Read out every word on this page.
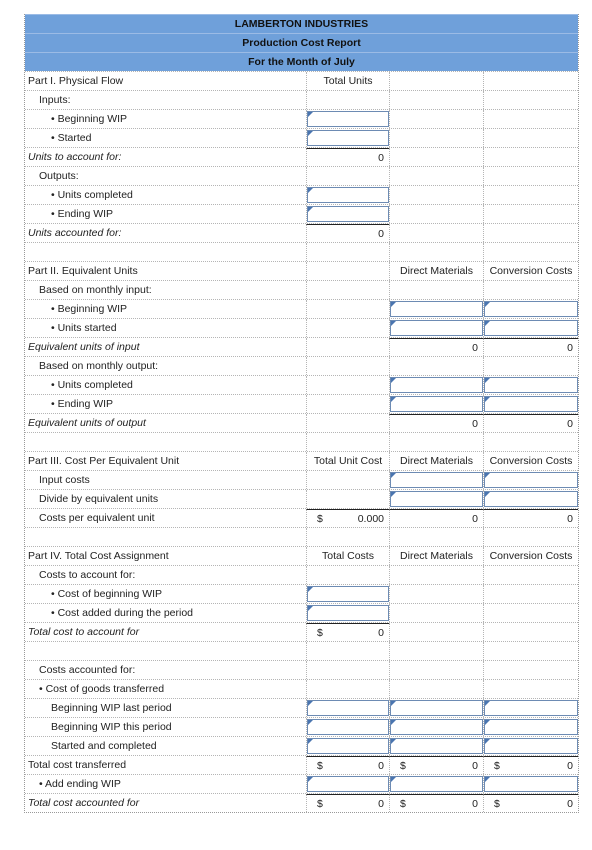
LAMBERTON INDUSTRIES
Production Cost Report
For the Month of July
Part I. Physical Flow	Total Units
Inputs:
• Beginning WIP
• Started
Units to account for:	0
Outputs:
• Units completed
• Ending WIP
Units accounted for:	0
Part II. Equivalent Units	Direct Materials	Conversion Costs
Based on monthly input:
• Beginning WIP
• Units started
Equivalent units of input	0	0
Based on monthly output:
• Units completed
• Ending WIP
Equivalent units of output	0	0
Part III. Cost Per Equivalent Unit	Total Unit Cost	Direct Materials	Conversion Costs
Input costs
Divide by equivalent units
Costs per equivalent unit	$	0.000	0	0
Part IV. Total Cost Assignment	Total Costs	Direct Materials	Conversion Costs
Costs to account for:
• Cost of beginning WIP
• Cost added during the period
Total cost to account for	$	0
Costs accounted for:
• Cost of goods transferred
Beginning WIP last period
Beginning WIP this period
Started and completed
Total cost transferred	$	0 $	0 $	0
• Add ending WIP
Total cost accounted for	$	0 $	0 $	0
